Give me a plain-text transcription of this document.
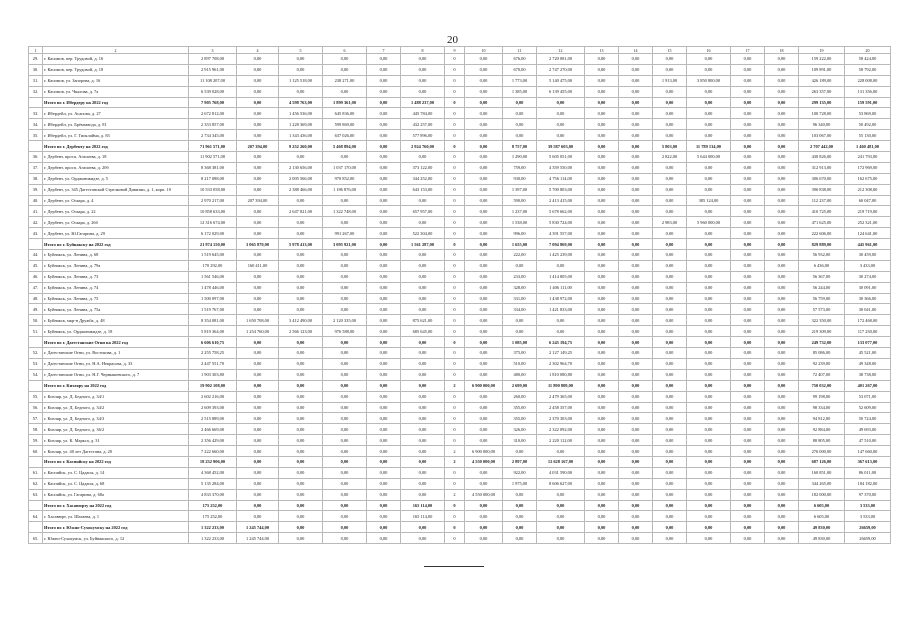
20
1	2	3	4	5	6	7	8	9	10	11	12	13	14	15	16	17	18	19	20
29.	г. Касимов, пер. Трудовой, д. 16	2 897 708,00	0,00	0,00	0,00	0,00	0,00	0	0,00	676,00	2 720 081,00	0,00	0,00	0,00	0,00	0,00	0,00	159 222,00	58 424,00
30.	г. Касимов, пер. Трудовой, д. 18	2 915 961,00	0,00	0,00	0,00	0,00	0,00	0	0,00	670,00	2 747 270,00	0,00	0,00	0,00	0,00	0,00	0,00	109 891,00	58 792,00
31.	г. Касимов, ул. Запорова, д. 16	11 108 207,00	0,00	1 125 518,00	238 271,00	0,00	0,00	0	0,00	1 773,00	5 140 475,00	0,00	0,00	1 913,00	3 850 800,00	0,00	0,00	426 189,00	228 008,00
32.	г. Касимов, ул. Чкалова, д. 7а	6 539 028,00	0,00	0,00	0,00	0,00	0,00	0	0,00	1 385,00	6 139 455,00	0,00	0,00	0,00	0,00	0,00	0,00	263 357,00	131 356,00
	Итого по г. Ибердеру на 2022 год	7 905 768,00	0,00	4 598 763,00	1 899 361,00	0,00	1 488 237,00	0	0,00	0,00	0,00	0,00	0,00	0,00	0,00	0,00	0,00	299 135,00	159 591,00
33.	г. Ибердейл, ул. Асапова, д. 27	2 672 812,00	0,00	1 456 536,00	645 836,00	0,00	445 784,00	0	0,00	0,00	0,00	0,00	0,00	0,00	0,00	0,00	0,00	100 728,00	53 869,00
34.	г. Ибердейл, ул. Брёмзавода, д. 81	2 353 857,00	0,00	1 228 369,00	599 869,00	0,00	432 257,00	0	0,00	0,00	0,00	0,00	0,00	0,00	0,00	0,00	0,00	96 340,00	50 492,00
35.	г. Ибердейл, ул. Г. Гиоклайма, д. 83	2 734 345,00	0,00	1 343 436,00	637 026,00	0,00	577 896,00	0	0,00	0,00	0,00	0,00	0,00	0,00	0,00	0,00	0,00	103 067,00	55 130,00
	Итого по г. Дербенту на 2022 год	71 961 571,00	207 394,00	9 252 260,00	5 468 894,00	0,00	2 924 760,00	0	0,00	8 757,00	39 587 603,00	0,00	0,00	5 803,00	11 789 134,00	0,00	0,00	2 707 442,00	1 460 481,00
36.	г. Дербент, просп. Агасиева, д. 18	11 902 571,00	0,00	0,00	0,00	0,00	0,00	0	0,00	1 290,00	5 605 051,00	0,00	0,00	2 822,00	5 644 000,00	0,00	0,00	430 826,00	241 793,00
37.	г. Дербент, просп. Агасиева, д. 20б	8 368 381,00	0,00	2 130 656,00	1 037 170,00	0,00	373 122,00	0	0,00	759,00	4 359 550,00	0,00	0,00	0,00	0,00	0,00	0,00	312 913,00	172 969,00
38.	г. Дербент, ул. Орджоникидзе, д. 5	8 217 088,00	0,00	2 005 566,00	970 852,00	0,00	344 252,00	0	0,00	930,00	4 756 114,00	0,00	0,00	0,00	0,00	0,00	0,00	306 670,00	162 675,00
39.	г. Дербент, ул. 345 Дагестанской Стрелковой Дивизии, д. 1, корп. 10	10 533 058,00	0,00	2 388 466,00	1 186 876,00	0,00	643 153,00	0	0,00	1 397,00	5 700 803,00	0,00	0,00	0,00	0,00	0,00	0,00	396 838,00	212 308,00
40.	г. Дербент, ул. Оскара, д. 4	2 970 217,00	207 394,00	0,00	0,00	0,00	0,00	0	0,00	590,00	2 413 415,00	0,00	0,00	0,00	385 124,00	0,00	0,00	112 237,00	60 047,00
41.	г. Дербент, ул. Оскара, д. 22	10 858 633,00	0,00	2 647 821,00	1 322 748,00	0,00	657 957,00	0	0,00	1 237,00	5 678 662,00	0,00	0,00	0,00	0,00	0,00	0,00	410 725,00	219 719,00
42.	г. Дербент, ул. Оскара, д. 26б	12 316 674,00	0,00	0,00	0,00	0,00	0,00	0	0,00	1 538,00	5 830 724,00	0,00	0,00	2 983,00	5 960 000,00	0,00	0,00	471 625,00	252 321,00
43.	г. Дербент, ул. Ю.Гагарина, д. 29	6 172 029,00	0,00	0,00	991 267,00	0,00	522 304,00	0	0,00	996,00	4 391 557,00	0,00	0,00	0,00	0,00	0,00	0,00	222 606,00	124 641,00
	Итого по г. Буйнакску на 2022 год	21 974 150,00	3 065 879,00	5 978 413,00	3 095 921,00	0,00	1 561 287,00	0	0,00	1 655,00	7 094 869,00	0,00	0,00	0,00	0,00	0,00	0,00	829 889,00	445 961,00
44.	г. Буйнакск, ул. Ленина, д. 68	1 519 645,00	0,00	0,00	0,00	0,00	0,00	0	0,00	222,00	1 425 239,00	0,00	0,00	0,00	0,00	0,00	0,00	56 932,00	30 459,00
45.	г. Буйнакск, ул. Ленина, д. 79а	170 292,00	160 411,00	0,00	0,00	0,00	0,00	0	0,00	0,00	0,00	0,00	0,00	0,00	0,00	0,00	0,00	6 436,00	3 433,00
46.	г. Буйнакск, ул. Ленина, д. 73	1 561 546,00	0,00	0,00	0,00	0,00	0,00	0	0,00	233,00	1 414 805,00	0,00	0,00	0,00	0,00	0,00	0,00	56 367,00	30 274,00
47.	г. Буйнакск, ул. Ленина, д. 74	1 478 446,00	0,00	0,00	0,00	0,00	0,00	0	0,00	328,00	1 406 111,00	0,00	0,00	0,00	0,00	0,00	0,00	56 244,00	30 091,00
48.	г. Буйнакск, ул. Ленина, д. 75	1 500 097,00	0,00	0,00	0,00	0,00	0,00	0	0,00	331,00	1 438 972,00	0,00	0,00	0,00	0,00	0,00	0,00	56 759,00	30 366,00
49.	г. Буйнакск, ул. Ленина, д. 75а	1 519 767,00	0,00	0,00	0,00	0,00	0,00	0	0,00	334,00	1 421 833,00	0,00	0,00	0,00	0,00	0,00	0,00	57 573,00	30 041,00
50.	г. Буйнакск, мкр-н Дружба, д. 48	8 354 081,00	1 650 708,00	3 412 490,00	2 120 335,00	0,00	875 621,00	0	0,00	0,00	0,00	0,00	0,00	0,00	0,00	0,00	0,00	322 350,00	172 468,00
51.	г. Буйнакск, ул. Орджоникидзе, д. 18	5 819 364,00	1 254 760,00	2 566 123,00	976 588,00	0,00	685 645,00	0	0,00	0,00	0,00	0,00	0,00	0,00	0,00	0,00	0,00	219 309,00	117 230,00
	Итого по г. Дагестанские Огни на 2022 год	6 606 610,75	0,00	0,00	0,00	0,00	0,00	0	0,00	1 085,00	6 245 194,75	0,00	0,00	0,00	0,00	0,00	0,00	249 732,00	133 077,00
52.	г. Дагестанские Огни, ул. Востокова, д. 1	2 255 758,25	0,00	0,00	0,00	0,00	0,00	0	0,00	375,00	2 127 149,25	0,00	0,00	0,00	0,00	0,00	0,00	85 086,00	45 521,00
53.	г. Дагестанские Огни, ул. Н.А. Некрасова, д. 33	2 447 551,70	0,00	0,00	0,00	0,00	0,00	0	0,00	510,00	2 302 964,70	0,00	0,00	0,00	0,00	0,00	0,00	92 239,00	49 348,00
54.	г. Дагестанские Огни, ул. Н.Г. Чернышевского, д. 7	1 903 303,80	0,00	0,00	0,00	0,00	0,00	0	0,00	480,00	1 810 080,80	0,00	0,00	0,00	0,00	0,00	0,00	72 407,00	38 738,00
	Итого по г. Кизляру на 2022 год	19 902 108,00	0,00	0,00	0,00	0,00	0,00	2	6 900 000,00	2 699,00	11 890 809,00	0,00	0,00	0,00	0,00	0,00	0,00	750 032,00	401 267,00
55.	г. Кизляр, ул. Д. Бедного, д. 34/1	2 602 216,00	0,00	0,00	0,00	0,00	0,00	0	0,00	260,00	2 479 365,00	0,00	0,00	0,00	0,00	0,00	0,00	99 198,00	53 071,00
56.	г. Кизляр, ул. Д. Бедного, д. 34/2	2 609 393,00	0,00	0,00	0,00	0,00	0,00	0	0,00	355,00	2 458 357,00	0,00	0,00	0,00	0,00	0,00	0,00	98 334,00	52 609,00
57.	г. Кизляр, ул. Д. Бедного, д. 34/3	2 515 889,00	0,00	0,00	0,00	0,00	0,00	0	0,00	355,00	2 370 303,00	0,00	0,00	0,00	0,00	0,00	0,00	94 812,00	50 724,00
58.	г. Кизляр, ул. Д. Бедного, д. 36/2	2 466 669,00	0,00	0,00	0,00	0,00	0,00	0	0,00	326,00	2 322 092,00	0,00	0,00	0,00	0,00	0,00	0,00	92 884,00	49 693,00
59.	г. Кизляр, ул. К. Маркса, д. 31	2 356 429,00	0,00	0,00	0,00	0,00	0,00	0	0,00	310,00	2 220 112,00	0,00	0,00	0,00	0,00	0,00	0,00	88 805,00	47 510,00
60.	г. Кизляр, ул. 40 лет Дагестана, д. 20	7 222 660,00	0,00	0,00	0,00	0,00	0,00	2	6 900 000,00	0,00	0,00	0,00	0,00	0,00	0,00	0,00	0,00	276 000,00	147 660,00
	Итого по г. Каспийску на 2022 год	18 232 906,00	0,00	0,00	0,00	0,00	0,00	2	4 550 000,00	2 897,00	12 628 167,00	0,00	0,00	0,00	0,00	0,00	0,00	687 126,00	367 613,00
61.	г. Каспийск, ул. С. Цадасы, д. 14	4 368 452,00	0,00	0,00	0,00	0,00	0,00	0	0,00	922,00	4 031 590,00	0,00	0,00	0,00	0,00	0,00	0,00	160 851,00	86 011,00
62.	г. Каспийск, ул. С. Цадасы, д. 68	5 135 284,00	0,00	0,00	0,00	0,00	0,00	0	0,00	1 975,00	8 606 627,00	0,00	0,00	0,00	0,00	0,00	0,00	344 265,00	184 182,00
63.	г. Каспийск, ул. Гагарина, д. 68а	4 833 370,00	0,00	0,00	0,00	0,00	0,00	2	4 550 000,00	0,00	0,00	0,00	0,00	0,00	0,00	0,00	0,00	182 000,00	97 370,00
	Итого по г. Хасавюрту на 2022 год	175 252,00	0,00	0,00	0,00	0,00	165 114,00	0	0,00	0,00	0,00	0,00	0,00	0,00	0,00	0,00	0,00	6 605,00	3 533,00
64.	г. Хасавюрт, ул. Шагаева, д. 1	175 252,00	0,00	0,00	0,00	0,00	165 114,00	0	0,00	0,00	0,00	0,00	0,00	0,00	0,00	0,00	0,00	6 605,00	3 533,00
	Итого по г. Южно-Сухокумску на 2022 год	1 322 233,00	1 245 744,00	0,00	0,00	0,00	0,00	0	0,00	0,00	0,00	0,00	0,00	0,00	0,00	0,00	0,00	49 830,00	26659,00
65.	г. Южно-Сухокумск, ул. Буйнакского, д. 12	1 322 233,00	1 245 744,00	0,00	0,00	0,00	0,00	0	0,00	0,00	0,00	0,00	0,00	0,00	0,00	0,00	0,00	49 830,00	26659,00
